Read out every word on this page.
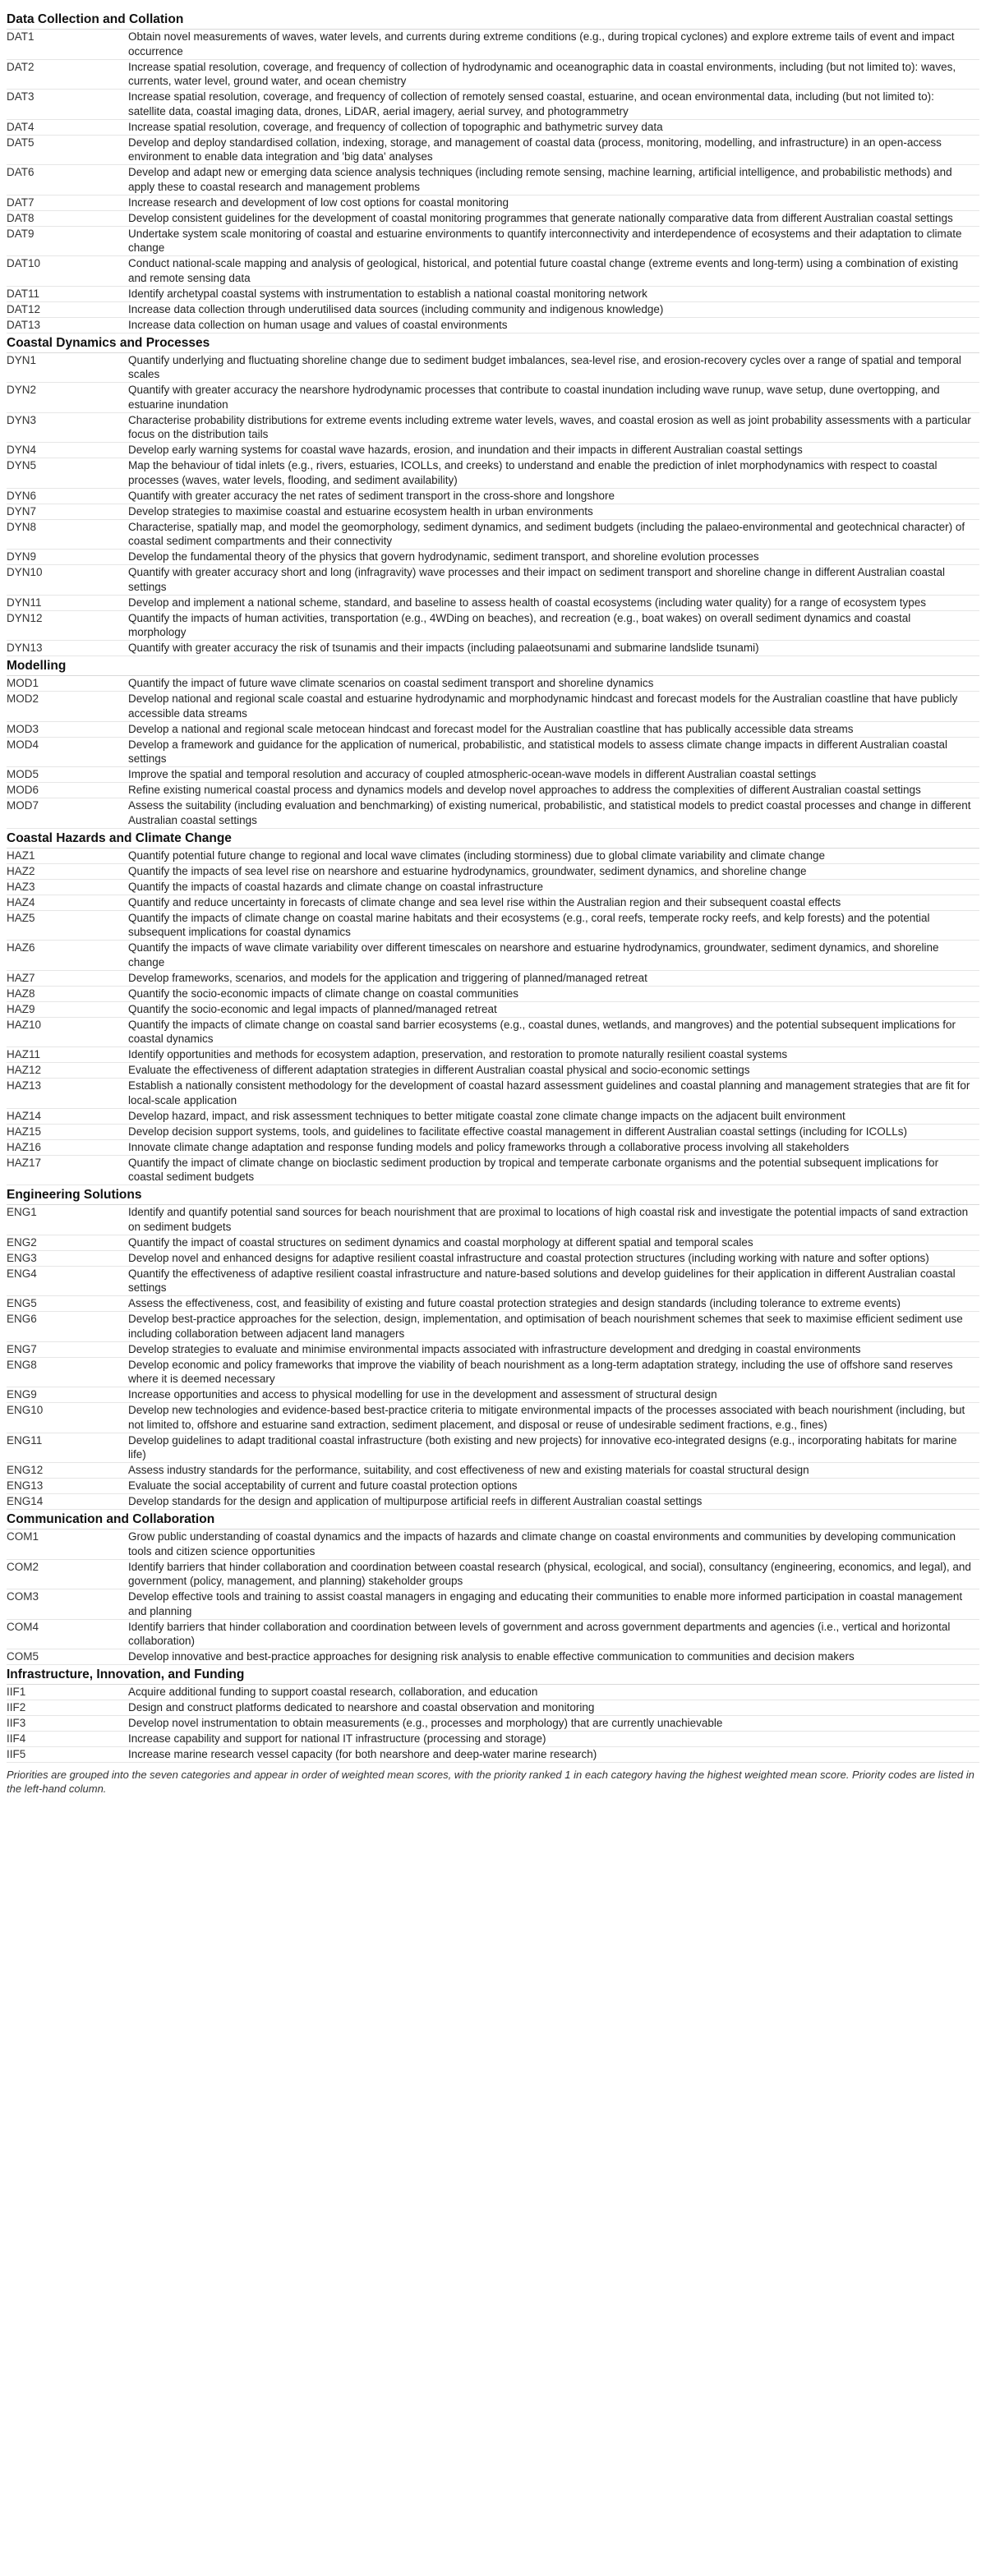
Data Collection and Collation	
DAT1	Obtain novel measurements of waves, water levels, and currents during extreme conditions (e.g., during tropical cyclones) and explore extreme tails of event and impact occurrence
DAT2	Increase spatial resolution, coverage, and frequency of collection of hydrodynamic and oceanographic data in coastal environments, including (but not limited to): waves, currents, water level, ground water, and ocean chemistry
DAT3	Increase spatial resolution, coverage, and frequency of collection of remotely sensed coastal, estuarine, and ocean environmental data, including (but not limited to): satellite data, coastal imaging data, drones, LiDAR, aerial imagery, aerial survey, and photogrammetry
DAT4	Increase spatial resolution, coverage, and frequency of collection of topographic and bathymetric survey data
DAT5	Develop and deploy standardised collation, indexing, storage, and management of coastal data (process, monitoring, modelling, and infrastructure) in an open-access environment to enable data integration and 'big data' analyses
DAT6	Develop and adapt new or emerging data science analysis techniques (including remote sensing, machine learning, artificial intelligence, and probabilistic methods) and apply these to coastal research and management problems
DAT7	Increase research and development of low cost options for coastal monitoring
DAT8	Develop consistent guidelines for the development of coastal monitoring programmes that generate nationally comparative data from different Australian coastal settings
DAT9	Undertake system scale monitoring of coastal and estuarine environments to quantify interconnectivity and interdependence of ecosystems and their adaptation to climate change
DAT10	Conduct national-scale mapping and analysis of geological, historical, and potential future coastal change (extreme events and long-term) using a combination of existing and remote sensing data
DAT11	Identify archetypal coastal systems with instrumentation to establish a national coastal monitoring network
DAT12	Increase data collection through underutilised data sources (including community and indigenous knowledge)
DAT13	Increase data collection on human usage and values of coastal environments
Coastal Dynamics and Processes	
DYN1	Quantify underlying and fluctuating shoreline change due to sediment budget imbalances, sea-level rise, and erosion-recovery cycles over a range of spatial and temporal scales
DYN2	Quantify with greater accuracy the nearshore hydrodynamic processes that contribute to coastal inundation including wave runup, wave setup, dune overtopping, and estuarine inundation
DYN3	Characterise probability distributions for extreme events including extreme water levels, waves, and coastal erosion as well as joint probability assessments with a particular focus on the distribution tails
DYN4	Develop early warning systems for coastal wave hazards, erosion, and inundation and their impacts in different Australian coastal settings
DYN5	Map the behaviour of tidal inlets (e.g., rivers, estuaries, ICOLLs, and creeks) to understand and enable the prediction of inlet morphodynamics with respect to coastal processes (waves, water levels, flooding, and sediment availability)
DYN6	Quantify with greater accuracy the net rates of sediment transport in the cross-shore and longshore
DYN7	Develop strategies to maximise coastal and estuarine ecosystem health in urban environments
DYN8	Characterise, spatially map, and model the geomorphology, sediment dynamics, and sediment budgets (including the palaeo-environmental and geotechnical character) of coastal sediment compartments and their connectivity
DYN9	Develop the fundamental theory of the physics that govern hydrodynamic, sediment transport, and shoreline evolution processes
DYN10	Quantify with greater accuracy short and long (infragravity) wave processes and their impact on sediment transport and shoreline change in different Australian coastal settings
DYN11	Develop and implement a national scheme, standard, and baseline to assess health of coastal ecosystems (including water quality) for a range of ecosystem types
DYN12	Quantify the impacts of human activities, transportation (e.g., 4WDing on beaches), and recreation (e.g., boat wakes) on overall sediment dynamics and coastal morphology
DYN13	Quantify with greater accuracy the risk of tsunamis and their impacts (including palaeotsunami and submarine landslide tsunami)
Modelling	
MOD1	Quantify the impact of future wave climate scenarios on coastal sediment transport and shoreline dynamics
MOD2	Develop national and regional scale coastal and estuarine hydrodynamic and morphodynamic hindcast and forecast models for the Australian coastline that have publicly accessible data streams
MOD3	Develop a national and regional scale metocean hindcast and forecast model for the Australian coastline that has publically accessible data streams
MOD4	Develop a framework and guidance for the application of numerical, probabilistic, and statistical models to assess climate change impacts in different Australian coastal settings
MOD5	Improve the spatial and temporal resolution and accuracy of coupled atmospheric-ocean-wave models in different Australian coastal settings
MOD6	Refine existing numerical coastal process and dynamics models and develop novel approaches to address the complexities of different Australian coastal settings
MOD7	Assess the suitability (including evaluation and benchmarking) of existing numerical, probabilistic, and statistical models to predict coastal processes and change in different Australian coastal settings
Coastal Hazards and Climate Change	
HAZ1	Quantify potential future change to regional and local wave climates (including storminess) due to global climate variability and climate change
HAZ2	Quantify the impacts of sea level rise on nearshore and estuarine hydrodynamics, groundwater, sediment dynamics, and shoreline change
HAZ3	Quantify the impacts of coastal hazards and climate change on coastal infrastructure
HAZ4	Quantify and reduce uncertainty in forecasts of climate change and sea level rise within the Australian region and their subsequent coastal effects
HAZ5	Quantify the impacts of climate change on coastal marine habitats and their ecosystems (e.g., coral reefs, temperate rocky reefs, and kelp forests) and the potential subsequent implications for coastal dynamics
HAZ6	Quantify the impacts of wave climate variability over different timescales on nearshore and estuarine hydrodynamics, groundwater, sediment dynamics, and shoreline change
HAZ7	Develop frameworks, scenarios, and models for the application and triggering of planned/managed retreat
HAZ8	Quantify the socio-economic impacts of climate change on coastal communities
HAZ9	Quantify the socio-economic and legal impacts of planned/managed retreat
HAZ10	Quantify the impacts of climate change on coastal sand barrier ecosystems (e.g., coastal dunes, wetlands, and mangroves) and the potential subsequent implications for coastal dynamics
HAZ11	Identify opportunities and methods for ecosystem adaption, preservation, and restoration to promote naturally resilient coastal systems
HAZ12	Evaluate the effectiveness of different adaptation strategies in different Australian coastal physical and socio-economic settings
HAZ13	Establish a nationally consistent methodology for the development of coastal hazard assessment guidelines and coastal planning and management strategies that are fit for local-scale application
HAZ14	Develop hazard, impact, and risk assessment techniques to better mitigate coastal zone climate change impacts on the adjacent built environment
HAZ15	Develop decision support systems, tools, and guidelines to facilitate effective coastal management in different Australian coastal settings (including for ICOLLs)
HAZ16	Innovate climate change adaptation and response funding models and policy frameworks through a collaborative process involving all stakeholders
HAZ17	Quantify the impact of climate change on bioclastic sediment production by tropical and temperate carbonate organisms and the potential subsequent implications for coastal sediment budgets
Engineering Solutions	
ENG1	Identify and quantify potential sand sources for beach nourishment that are proximal to locations of high coastal risk and investigate the potential impacts of sand extraction on sediment budgets
ENG2	Quantify the impact of coastal structures on sediment dynamics and coastal morphology at different spatial and temporal scales
ENG3	Develop novel and enhanced designs for adaptive resilient coastal infrastructure and coastal protection structures (including working with nature and softer options)
ENG4	Quantify the effectiveness of adaptive resilient coastal infrastructure and nature-based solutions and develop guidelines for their application in different Australian coastal settings
ENG5	Assess the effectiveness, cost, and feasibility of existing and future coastal protection strategies and design standards (including tolerance to extreme events)
ENG6	Develop best-practice approaches for the selection, design, implementation, and optimisation of beach nourishment schemes that seek to maximise efficient sediment use including collaboration between adjacent land managers
ENG7	Develop strategies to evaluate and minimise environmental impacts associated with infrastructure development and dredging in coastal environments
ENG8	Develop economic and policy frameworks that improve the viability of beach nourishment as a long-term adaptation strategy, including the use of offshore sand reserves where it is deemed necessary
ENG9	Increase opportunities and access to physical modelling for use in the development and assessment of structural design
ENG10	Develop new technologies and evidence-based best-practice criteria to mitigate environmental impacts of the processes associated with beach nourishment (including, but not limited to, offshore and estuarine sand extraction, sediment placement, and disposal or reuse of undesirable sediment fractions, e.g., fines)
ENG11	Develop guidelines to adapt traditional coastal infrastructure (both existing and new projects) for innovative eco-integrated designs (e.g., incorporating habitats for marine life)
ENG12	Assess industry standards for the performance, suitability, and cost effectiveness of new and existing materials for coastal structural design
ENG13	Evaluate the social acceptability of current and future coastal protection options
ENG14	Develop standards for the design and application of multipurpose artificial reefs in different Australian coastal settings
Communication and Collaboration	
COM1	Grow public understanding of coastal dynamics and the impacts of hazards and climate change on coastal environments and communities by developing communication tools and citizen science opportunities
COM2	Identify barriers that hinder collaboration and coordination between coastal research (physical, ecological, and social), consultancy (engineering, economics, and legal), and government (policy, management, and planning) stakeholder groups
COM3	Develop effective tools and training to assist coastal managers in engaging and educating their communities to enable more informed participation in coastal management and planning
COM4	Identify barriers that hinder collaboration and coordination between levels of government and across government departments and agencies (i.e., vertical and horizontal collaboration)
COM5	Develop innovative and best-practice approaches for designing risk analysis to enable effective communication to communities and decision makers
Infrastructure, Innovation, and Funding	
IIF1	Acquire additional funding to support coastal research, collaboration, and education
IIF2	Design and construct platforms dedicated to nearshore and coastal observation and monitoring
IIF3	Develop novel instrumentation to obtain measurements (e.g., processes and morphology) that are currently unachievable
IIF4	Increase capability and support for national IT infrastructure (processing and storage)
IIF5	Increase marine research vessel capacity (for both nearshore and deep-water marine research)

Priorities are grouped into the seven categories and appear in order of weighted mean scores, with the priority ranked 1 in each category having the highest weighted mean score. Priority codes are listed in the left-hand column.
